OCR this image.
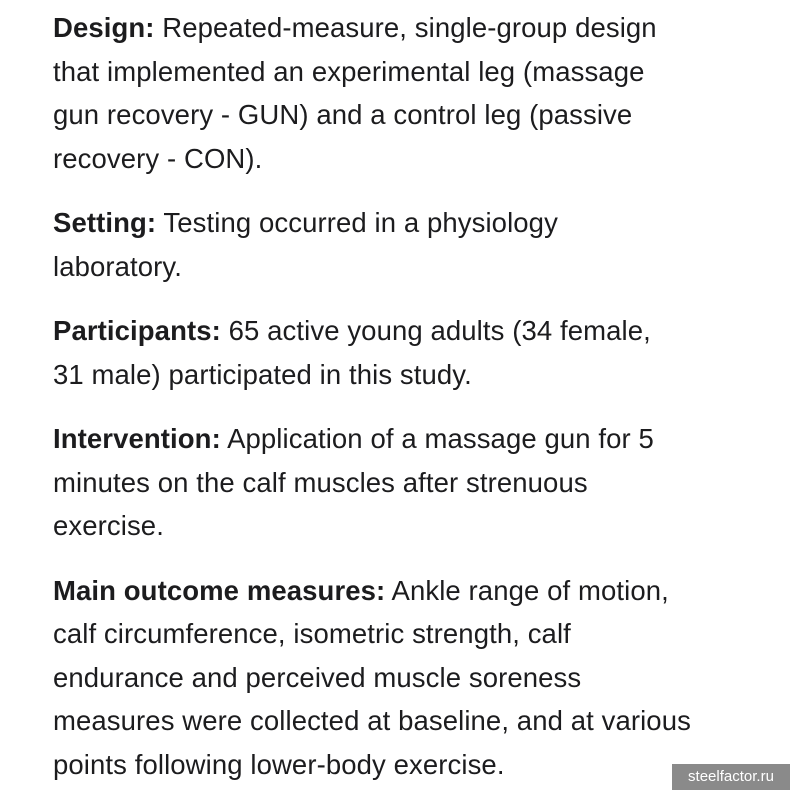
Design: Repeated-measure, single-group design
that implemented an experimental leg (massage
gun recovery - GUN) and a control leg (passive
recovery - CON).

Setting: Testing occurred in a physiology
laboratory.

Participants: 65 active young adults (34 female,
31 male) participated in this study.

Intervention: Application of a massage gun for 5
minutes on the calf muscles after strenuous
exercise.

Main outcome measures: Ankle range of motion,
calf circumference, isometric strength, calf
endurance and perceived muscle soreness
measures were collected at baseline, and at various
points following lower-body exercise.	steelfactor.ru
